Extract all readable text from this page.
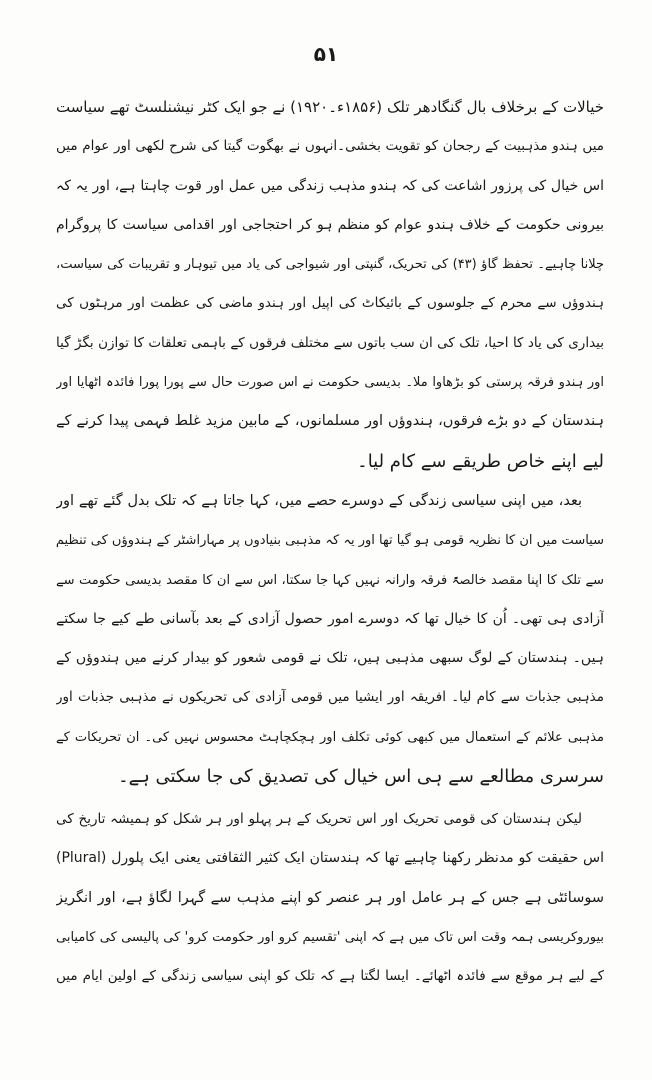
۵۱
خیالات کے برخلاف بال گنگادھر تلک (۱۸۵۶ء۔۱۹۲۰) نے جو ایک کٹر نیشنلسٹ تھے سیاست
میں ہندو مذہبیت کے رجحان کو تقویت بخشی۔انہوں نے بھگوت گیتا کی شرح لکھی اور عوام میں
اس خیال کی پرزور اشاعت کی کہ ہندو مذہب زندگی میں عمل اور قوت چاہتا ہے، اور یہ کہ
بیرونی حکومت کے خلاف ہندو عوام کو منظم ہو کر احتجاجی اور اقدامی سیاست کا پروگرام
چلانا چاہیے۔ تحفظ گاؤ (۴۳) کی تحریک، گنپتی اور شیواجی کی یاد میں تیوہار و تقریبات کی سیاست،
ہندوؤں سے محرم کے جلوسوں کے بائیکاٹ کی اپیل اور ہندو ماضی کی عظمت اور مرہٹوں کی
بیداری کی یاد کا احیا، تلک کی ان سب باتوں سے مختلف فرقوں کے باہمی تعلقات کا توازن بگڑ گیا
اور ہندو فرقہ پرستی کو بڑھاوا ملا۔ بدیسی حکومت نے اس صورت حال سے پورا پورا فائدہ اٹھایا اور
ہندستان کے دو بڑے فرقوں، ہندوؤں اور مسلمانوں، کے مابین مزید غلط فہمی پیدا کرنے کے
لیے اپنے خاص طریقے سے کام لیا۔
بعد، میں اپنی سیاسی زندگی کے دوسرے حصے میں، کہا جاتا ہے کہ تلک بدل گئے تھے اور
سیاست میں ان کا نظریہ قومی ہو گیا تھا اور یہ کہ مذہبی بنیادوں پر مہاراشٹر کے ہندوؤں کی تنظیم
سے تلک کا اپنا مقصد خالصۃً فرقہ وارانہ نہیں کہا جا سکتا، اس سے ان کا مقصد بدیسی حکومت سے
آزادی ہی تھی۔ اُن کا خیال تھا کہ دوسرے امور حصول آزادی کے بعد بآسانی طے کیے جا سکتے
ہیں۔ ہندستان کے لوگ سبھی مذہبی ہیں، تلک نے قومی شعور کو بیدار کرنے میں ہندوؤں کے
مذہبی جذبات سے کام لیا۔ افریقہ اور ایشیا میں قومی آزادی کی تحریکوں نے مذہبی جذبات اور
مذہبی علائم کے استعمال میں کبھی کوئی تکلف اور ہچکچاہٹ محسوس نہیں کی۔ ان تحریکات کے
سرسری مطالعے سے ہی اس خیال کی تصدیق کی جا سکتی ہے۔
لیکن ہندستان کی قومی تحریک اور اس تحریک کے ہر پہلو اور ہر شکل کو ہمیشہ تاریخ کی
اس حقیقت کو مدنظر رکھنا چاہیے تھا کہ ہندستان ایک کثیر الثقافتی یعنی ایک پلورل (Plural)
سوسائٹی ہے جس کے ہر عامل اور ہر عنصر کو اپنے مذہب سے گہرا لگاؤ ہے، اور انگریز
بیوروکریسی ہمہ وقت اس تاک میں ہے کہ اپنی 'تقسیم کرو اور حکومت کرو' کی پالیسی کی کامیابی
کے لیے ہر موقع سے فائدہ اٹھائے۔ ایسا لگتا ہے کہ تلک کو اپنی سیاسی زندگی کے اولین ایام میں
